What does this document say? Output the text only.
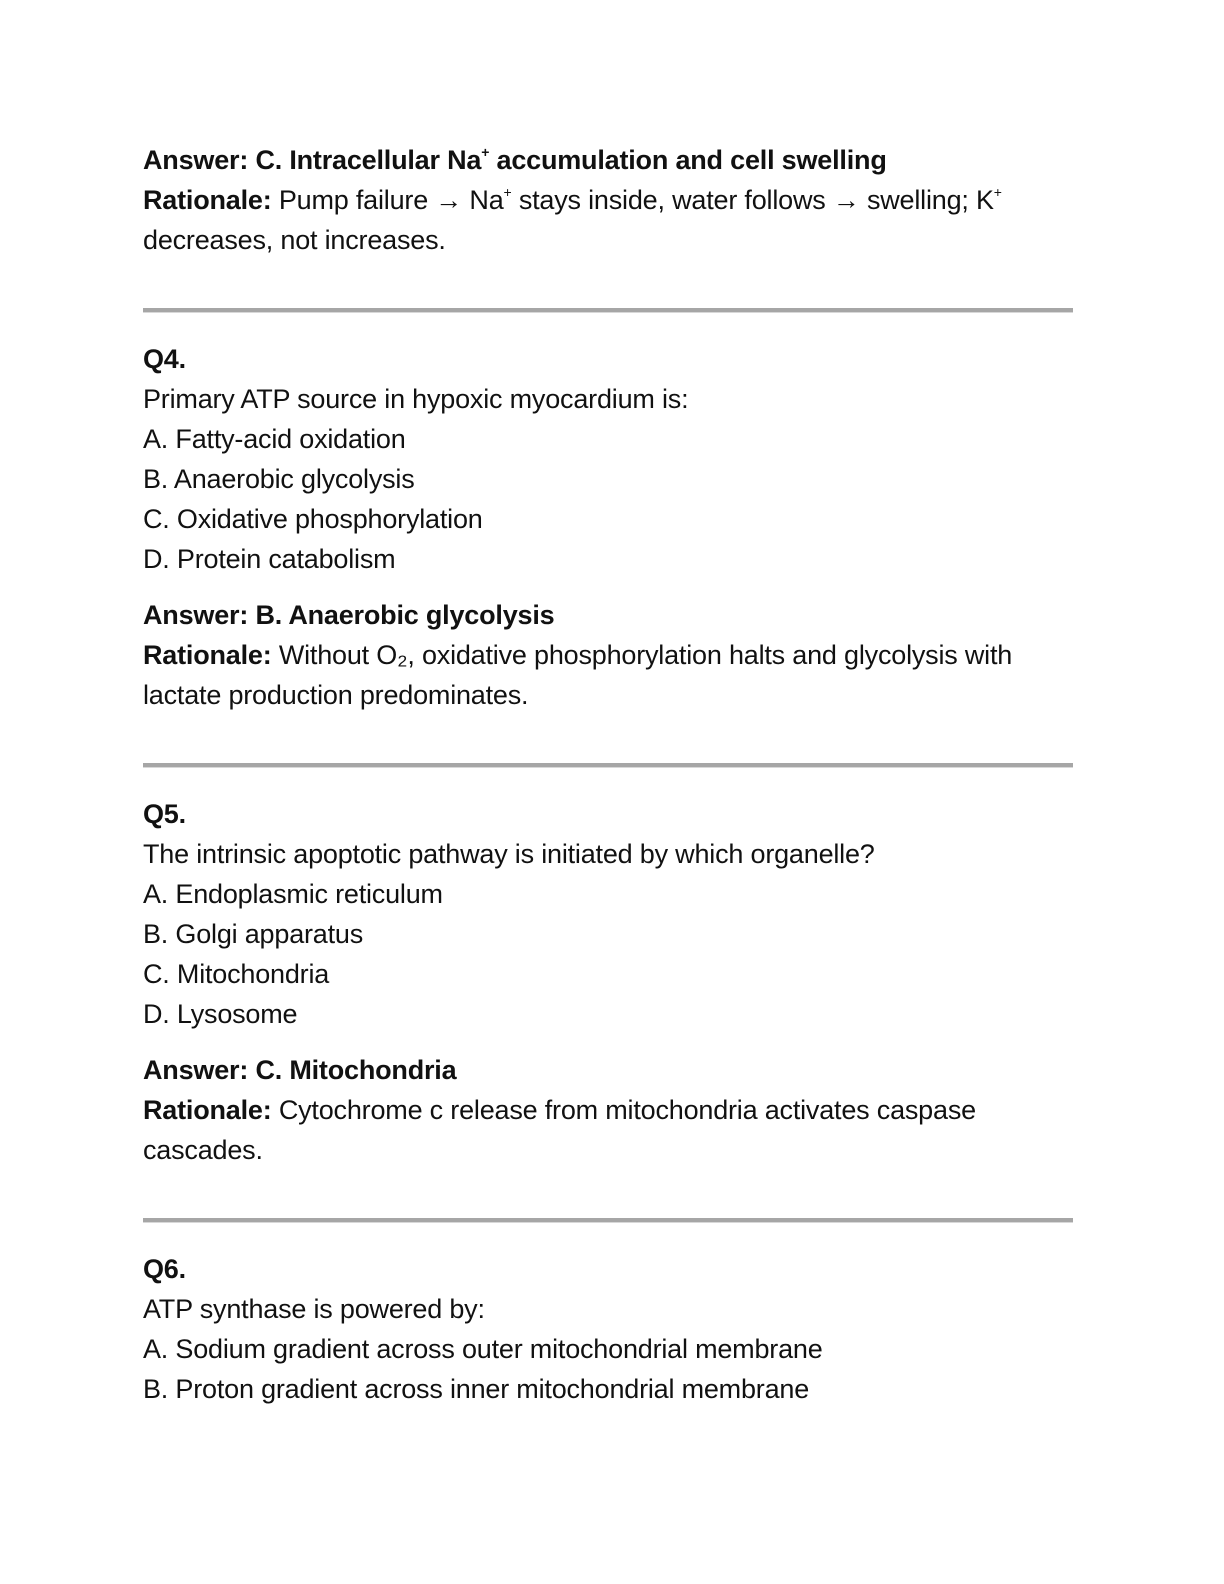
Answer: C. Intracellular Na+ accumulation and cell swelling
Rationale: Pump failure → Na+ stays inside, water follows → swelling; K+ decreases, not increases.
Q4.
Primary ATP source in hypoxic myocardium is:
A. Fatty-acid oxidation
B. Anaerobic glycolysis
C. Oxidative phosphorylation
D. Protein catabolism
Answer: B. Anaerobic glycolysis
Rationale: Without O₂, oxidative phosphorylation halts and glycolysis with lactate production predominates.
Q5.
The intrinsic apoptotic pathway is initiated by which organelle?
A. Endoplasmic reticulum
B. Golgi apparatus
C. Mitochondria
D. Lysosome
Answer: C. Mitochondria
Rationale: Cytochrome c release from mitochondria activates caspase cascades.
Q6.
ATP synthase is powered by:
A. Sodium gradient across outer mitochondrial membrane
B. Proton gradient across inner mitochondrial membrane
